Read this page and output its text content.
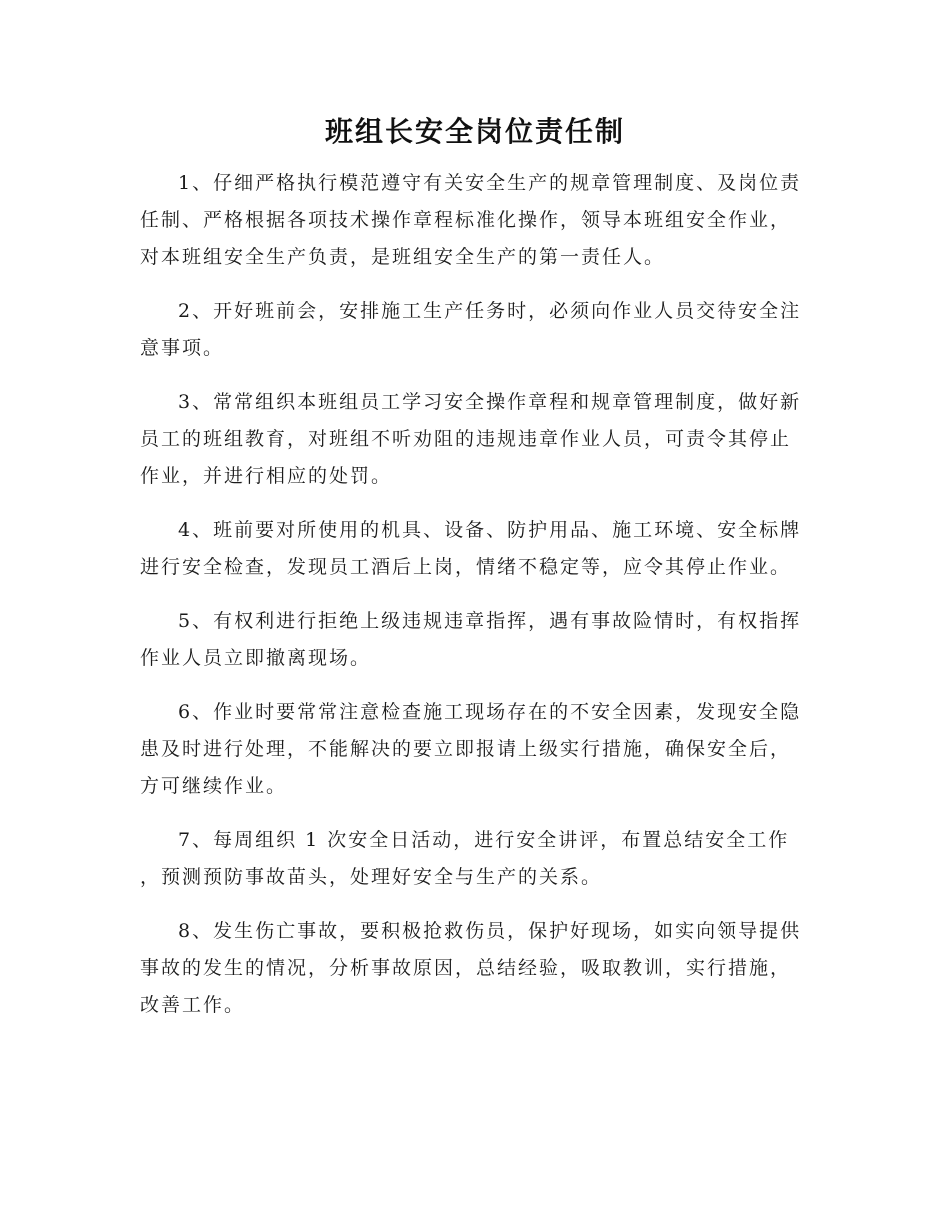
班组长安全岗位责任制

1、仔细严格执行模范遵守有关安全生产的规章管理制度、及岗位责任制、严格根据各项技术操作章程标准化操作，领导本班组安全作业，对本班组安全生产负责，是班组安全生产的第一责任人。

2、开好班前会，安排施工生产任务时，必须向作业人员交待安全注意事项。

3、常常组织本班组员工学习安全操作章程和规章管理制度，做好新员工的班组教育，对班组不听劝阻的违规违章作业人员，可责令其停止作业，并进行相应的处罚。

4、班前要对所使用的机具、设备、防护用品、施工环境、安全标牌进行安全检查，发现员工酒后上岗，情绪不稳定等，应令其停止作业。

5、有权利进行拒绝上级违规违章指挥，遇有事故险情时，有权指挥作业人员立即撤离现场。

6、作业时要常常注意检查施工现场存在的不安全因素，发现安全隐患及时进行处理，不能解决的要立即报请上级实行措施，确保安全后，方可继续作业。

7、每周组织 1 次安全日活动，进行安全讲评，布置总结安全工作，预测预防事故苗头，处理好安全与生产的关系。

8、发生伤亡事故，要积极抢救伤员，保护好现场，如实向领导提供事故的发生的情况，分析事故原因，总结经验，吸取教训，实行措施，改善工作。
